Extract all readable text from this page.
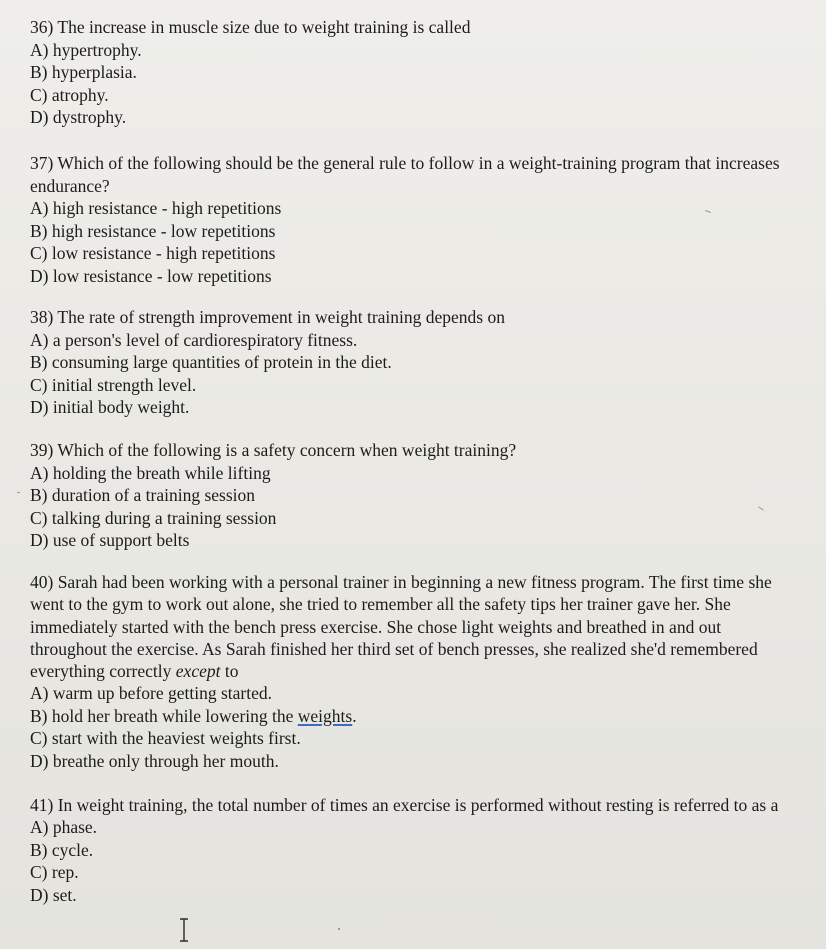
36) The increase in muscle size due to weight training is called

A) hypertrophy.
B) hyperplasia.
C) atrophy.
D) dystrophy.

37) Which of the following should be the general rule to follow in a weight-training program that increases endurance?

A) high resistance - high repetitions
B) high resistance - low repetitions
C) low resistance - high repetitions
D) low resistance - low repetitions

38) The rate of strength improvement in weight training depends on

A) a person's level of cardiorespiratory fitness.
B) consuming large quantities of protein in the diet.
C) initial strength level.
D) initial body weight.

39) Which of the following is a safety concern when weight training?

A) holding the breath while lifting
B) duration of a training session
C) talking during a training session
D) use of support belts

40) Sarah had been working with a personal trainer in beginning a new fitness program. The first time she went to the gym to work out alone, she tried to remember all the safety tips her trainer gave her. She immediately started with the bench press exercise. She chose light weights and breathed in and out throughout the exercise. As Sarah finished her third set of bench presses, she realized she'd remembered everything correctly except to

A) warm up before getting started.
B) hold her breath while lowering the weights.
C) start with the heaviest weights first.
D) breathe only through her mouth.

41) In weight training, the total number of times an exercise is performed without resting is referred to as a

A) phase.
B) cycle.
C) rep.
D) set.
